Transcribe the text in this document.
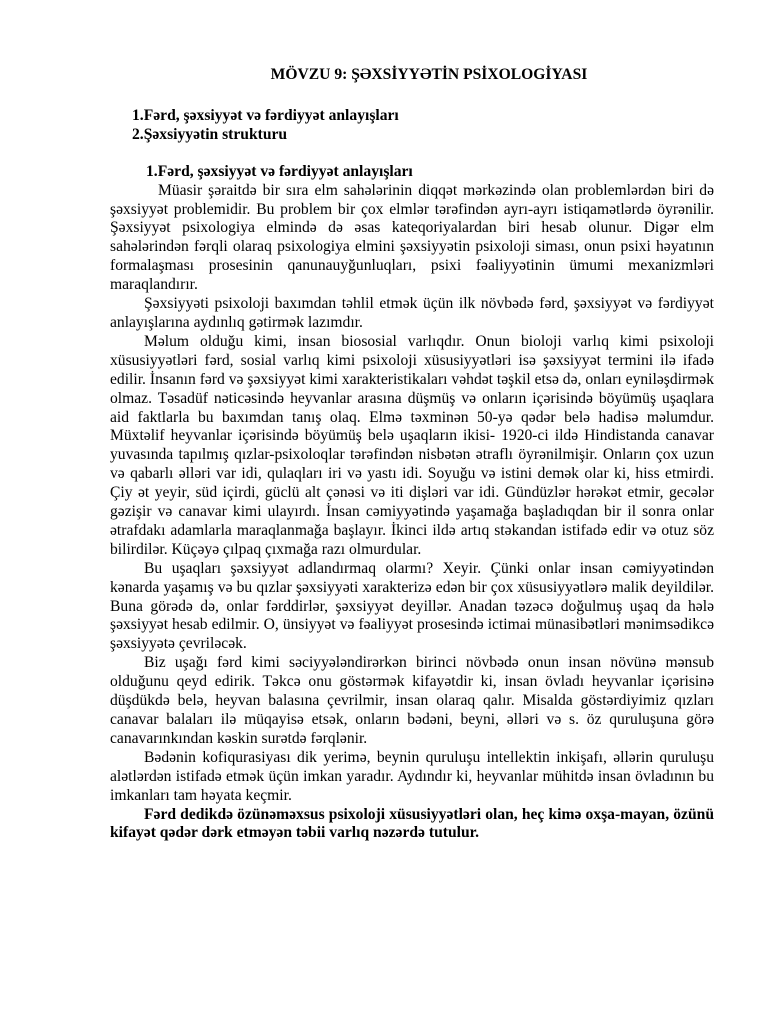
MÖVZU 9: ŞƏXSİYYƏTİN PSİXOLOGİYASI
1.Fərd, şəxsiyyət və fərdiyyət anlayışları
2.Şəxsiyyətin strukturu
1.Fərd, şəxsiyyət və fərdiyyət anlayışları

Müasir şəraitdə bir sıra elm sahələrinin diqqət mərkəzində olan problemlərdən biri də şəxsiyyət problemidir. Bu problem bir çox elmlər tərəfindən ayrı-ayrı istiqamətlərdə öyrənilir. Şəxsiyyət psixologiya elmində də əsas kateqoriyalardan biri hesab olunur. Digər elm sahələrindən fərqli olaraq psixologiya elmini şəxsiyyətin psixoloji siması, onun psixi həyatının formalaşması prosesinin qanunauyğunluqları, psixi fəaliyyətinin ümumi mexanizmləri maraqlandırır.

Şəxsiyyəti psixoloji baxımdan təhlil etmək üçün ilk növbədə fərd, şəxsiyyət və fərdiyyət anlayışlarına aydınlıq gətirmək lazımdır.

Məlum olduğu kimi, insan biososial varlıqdır. Onun bioloji varlıq kimi psixoloji xüsusiyyətləri fərd, sosial varlıq kimi psixoloji xüsusiyyətləri isə şəxsiyyət termini ilə ifadə edilir. İnsanın fərd və şəxsiyyət kimi xarakteristikaları vəhdət təşkil etsə də, onları eyniləşdirmək olmaz. Təsadüf nəticəsində heyvanlar arasına düşmüş və onların içərisində böyümüş uşaqlara aid faktlarla bu baxımdan tanış olaq. Elmə təxminən 50-yə qədər belə hadisə məlumdur. Müxtəlif heyvanlar içərisində böyümüş belə uşaqların ikisi- 1920-ci ildə Hindistanda canavar yuvasında tapılmış qızlar-psixoloqlar tərəfindən nisbətən ətraflı öyrənilmişir. Onların çox uzun və qabarlı əlləri var idi, qulaqları iri və yastı idi. Soyuğu və istini demək olar ki, hiss etmirdi. Çiy ət yeyir, süd içirdi, güclü alt çənəsi və iti dişləri var idi. Gündüzlər hərəkət etmir, gecələr gəzişir və canavar kimi ulayırdı. İnsan cəmiyyətində yaşamağa başladıqdan bir il sonra onlar ətrafdakı adamlarla maraqlanmağa başlayır. İkinci ildə artıq stəkandan istifadə edir və otuz söz bilirdilər. Küçəyə çılpaq çıxmağa razı olmurdular.

Bu uşaqları şəxsiyyət adlandırmaq olarmı? Xeyir. Çünki onlar insan cəmiyyətindən kənarda yaşamış və bu qızlar şəxsiyyəti xarakterizə edən bir çox xüsusiyyətlərə malik deyildilər. Buna görədə də, onlar fərddirlər, şəxsiyyət deyillər. Anadan təzəcə doğulmuş uşaq da hələ şəxsiyyət hesab edilmir. O, ünsiyyət və fəaliyyət prosesində ictimai münasibətləri mənimsədikcə şəxsiyyətə çevriləcək.

Biz uşağı fərd kimi səciyyələndirərkən birinci növbədə onun insan növünə mənsub olduğunu qeyd edirik. Təkcə onu göstərmək kifayətdir ki, insan övladı heyvanlar içərisinə düşdükdə belə, heyvan balasına çevrilmir, insan olaraq qalır. Misalda göstərdiyimiz qızları canavar balaları ilə müqayisə etsək, onların bədəni, beyni, əlləri və s. öz quruluşuna görə canavarınkından kəskin surətdə fərqlənir.

Bədənin kofiqurasiyası dik yerimə, beynin quruluşu intellektin inkişafı, əllərin quruluşu alətlərdən istifadə etmək üçün imkan yaradır. Aydındır ki, heyvanlar mühitdə insan övladının bu imkanları tam həyata keçmir.

Fərd dedikdə özünəməxsus psixoloji xüsusiyyətləri olan, heç kimə oxşa-mayan, özünü kifayət qədər dərk etməyən təbii varlıq nəzərdə tutulur.
